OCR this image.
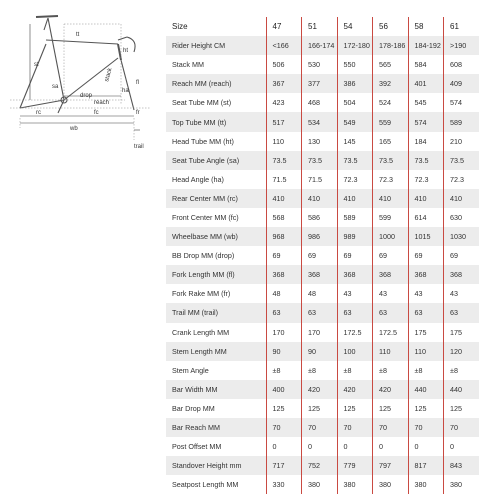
tt
st
sa
stack
reach
ha
ht
fl
drop
rc	fc	fr
wb
trail
Size	47	51	54	56	58	61
Rider Height CM	<166	166-174	172-180	178-186	184-192	>190
Stack MM	506	530	550	565	584	608
Reach MM (reach)	367	377	386	392	401	409
Seat Tube MM (st)	423	468	504	524	545	574
Top Tube MM (tt)	517	534	549	559	574	589
Head Tube MM (ht)	110	130	145	165	184	210
Seat Tube Angle (sa)	73.5	73.5	73.5	73.5	73.5	73.5
Head Angle (ha)	71.5	71.5	72.3	72.3	72.3	72.3
Rear Center MM (rc)	410	410	410	410	410	410
Front Center MM (fc)	568	586	589	599	614	630
Wheelbase MM (wb)	968	986	989	1000	1015	1030
BB Drop MM (drop)	69	69	69	69	69	69
Fork Length MM (fl)	368	368	368	368	368	368
Fork Rake MM (fr)	48	48	43	43	43	43
Trail MM (trail)	63	63	63	63	63	63
Crank Length MM	170	170	172.5	172.5	175	175
Stem Length MM	90	90	100	110	110	120
Stem Angle	±8	±8	±8	±8	±8	±8
Bar Width MM	400	420	420	420	440	440
Bar Drop MM	125	125	125	125	125	125
Bar Reach MM	70	70	70	70	70	70
Post Offset MM	0	0	0	0	0	0
Standover Height mm	717	752	779	797	817	843
Seatpost Length MM	330	380	380	380	380	380
